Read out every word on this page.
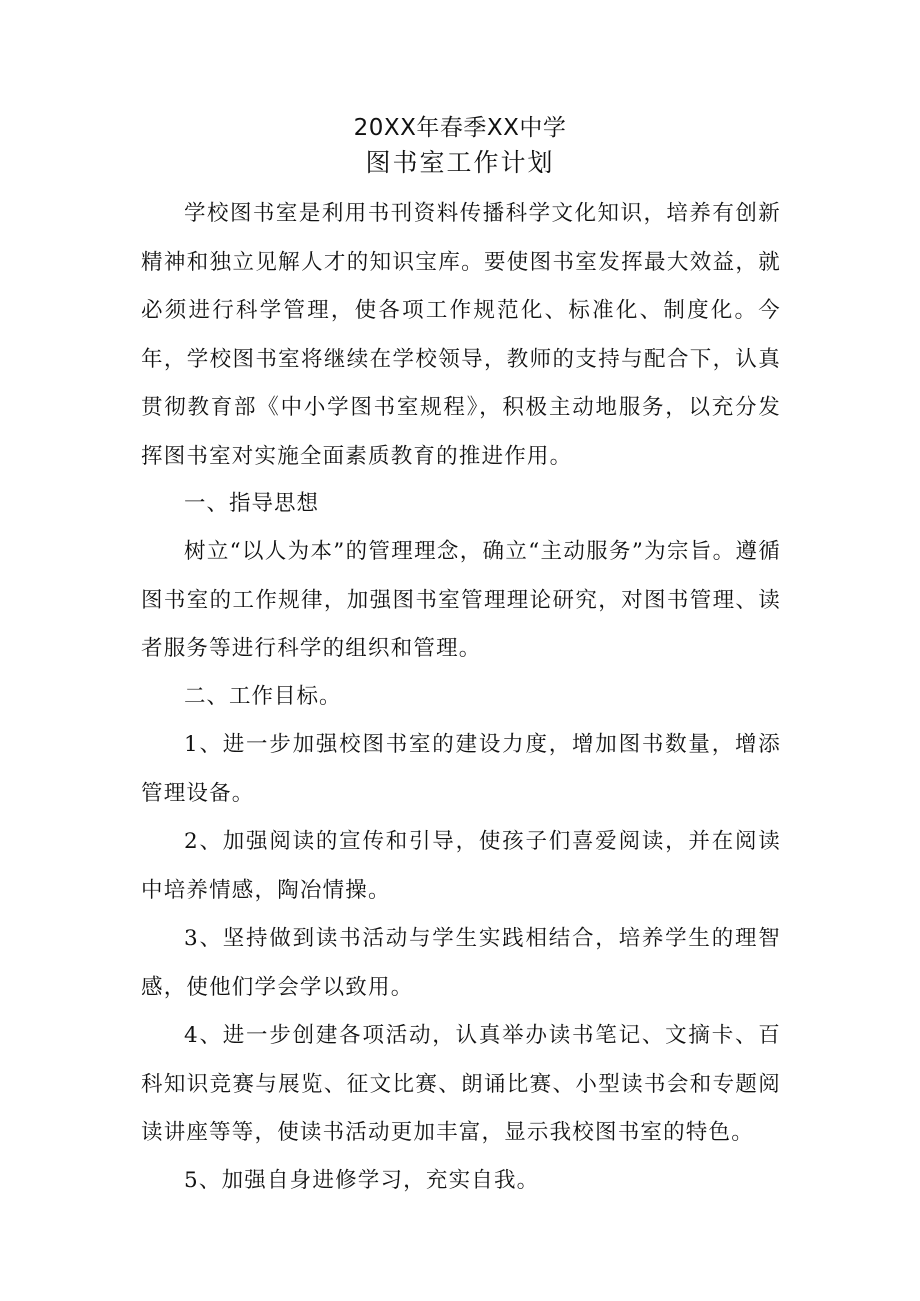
20XX年春季XX中学
图书室工作计划

学校图书室是利用书刊资料传播科学文化知识，培养有创新精神和独立见解人才的知识宝库。要使图书室发挥最大效益，就必须进行科学管理，使各项工作规范化、标准化、制度化。今年，学校图书室将继续在学校领导，教师的支持与配合下，认真贯彻教育部《中小学图书室规程》，积极主动地服务，以充分发挥图书室对实施全面素质教育的推进作用。

一、指导思想

树立“以人为本”的管理理念，确立“主动服务”为宗旨。遵循图书室的工作规律，加强图书室管理理论研究，对图书管理、读者服务等进行科学的组织和管理。

二、工作目标。

1、进一步加强校图书室的建设力度，增加图书数量，增添管理设备。

2、加强阅读的宣传和引导，使孩子们喜爱阅读，并在阅读中培养情感，陶冶情操。

3、坚持做到读书活动与学生实践相结合，培养学生的理智感，使他们学会学以致用。

4、进一步创建各项活动，认真举办读书笔记、文摘卡、百科知识竞赛与展览、征文比赛、朗诵比赛、小型读书会和专题阅读讲座等等，使读书活动更加丰富，显示我校图书室的特色。

5、加强自身进修学习，充实自我。
